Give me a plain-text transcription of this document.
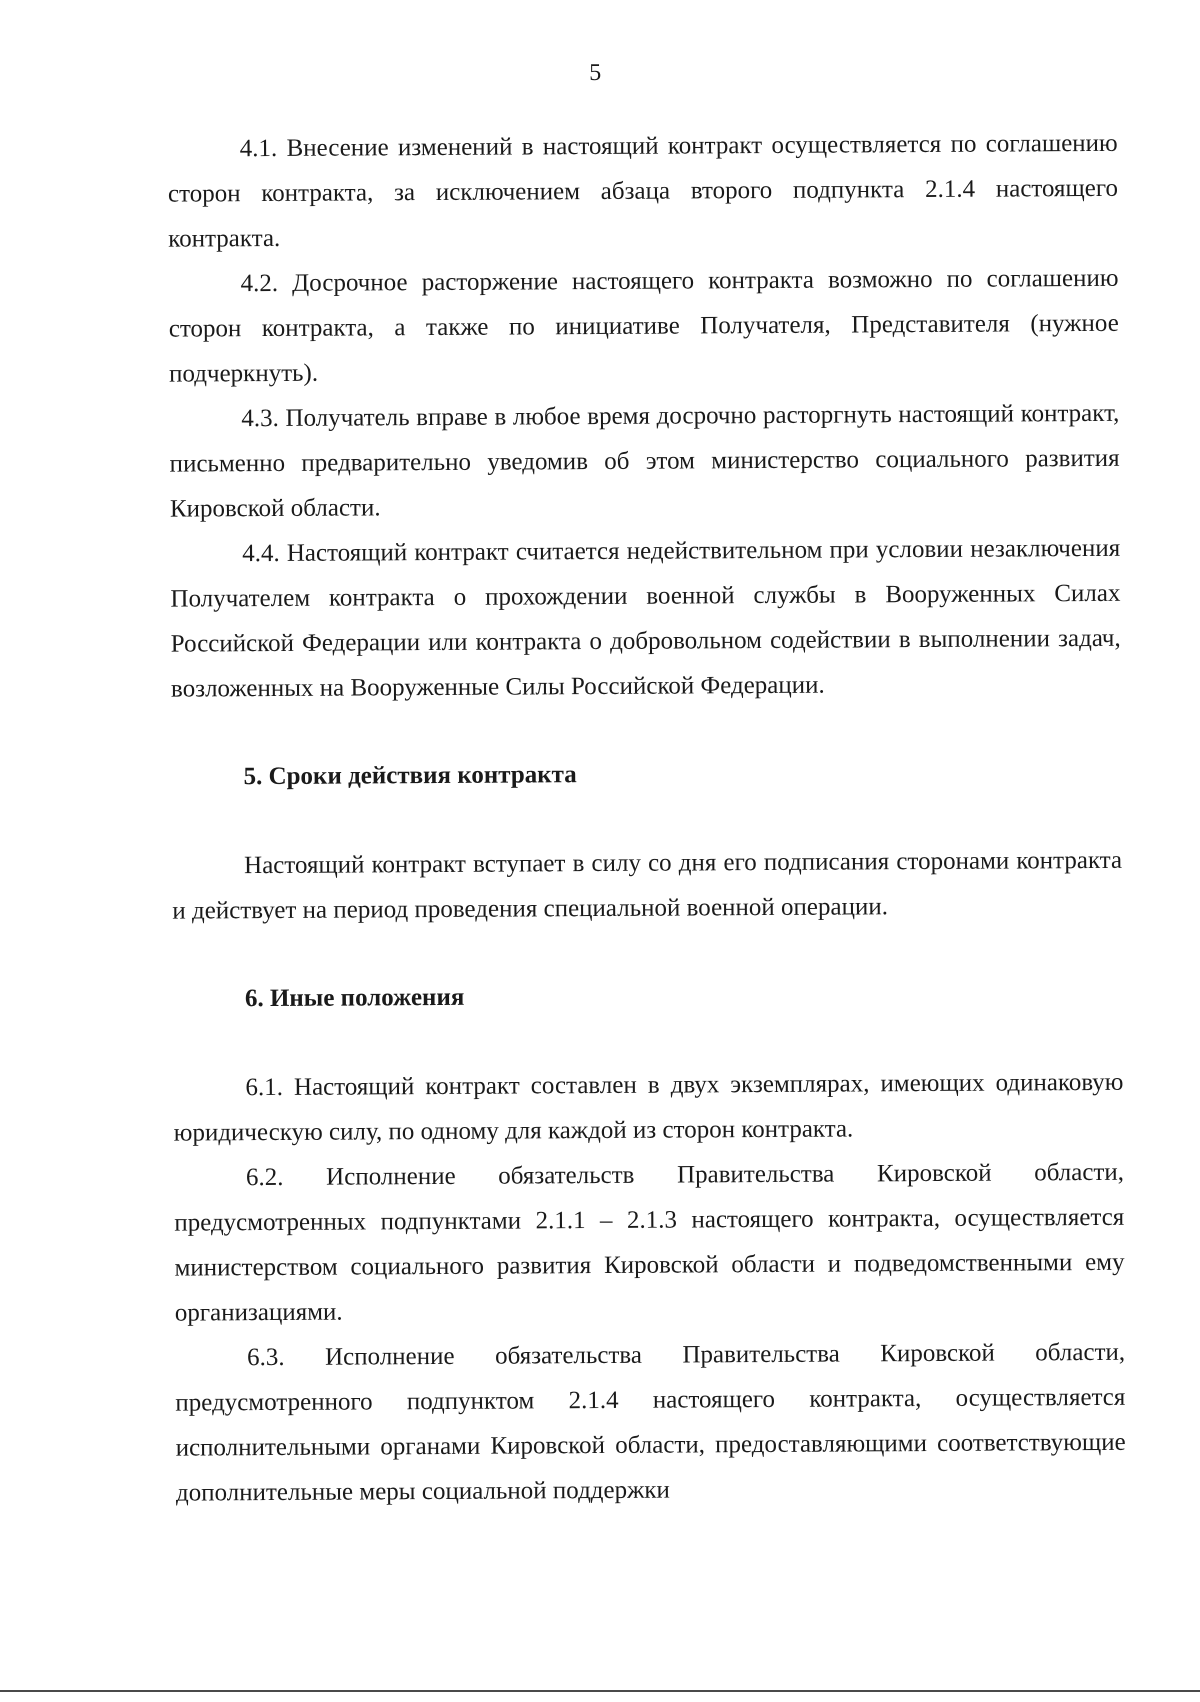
5

4.1. Внесение изменений в настоящий контракт осуществляется по соглашению сторон контракта, за исключением абзаца второго подпункта 2.1.4 настоящего контракта.

4.2. Досрочное расторжение настоящего контракта возможно по соглашению сторон контракта, а также по инициативе Получателя, Представителя (нужное подчеркнуть).

4.3. Получатель вправе в любое время досрочно расторгнуть настоящий контракт, письменно предварительно уведомив об этом министерство социального развития Кировской области.

4.4. Настоящий контракт считается недействительном при условии незаключения Получателем контракта о прохождении военной службы в Вооруженных Силах Российской Федерации или контракта о добровольном содействии в выполнении задач, возложенных на Вооруженные Силы Российской Федерации.

5. Сроки действия контракта

Настоящий контракт вступает в силу со дня его подписания сторонами контракта и действует на период проведения специальной военной операции.

6. Иные положения

6.1. Настоящий контракт составлен в двух экземплярах, имеющих одинаковую юридическую силу, по одному для каждой из сторон контракта.

6.2. Исполнение обязательств Правительства Кировской области, предусмотренных подпунктами 2.1.1 – 2.1.3 настоящего контракта, осуществляется министерством социального развития Кировской области и подведомственными ему организациями.

6.3. Исполнение обязательства Правительства Кировской области, предусмотренного подпунктом 2.1.4 настоящего контракта, осуществляется исполнительными органами Кировской области, предоставляющими соответствующие дополнительные меры социальной поддержки
